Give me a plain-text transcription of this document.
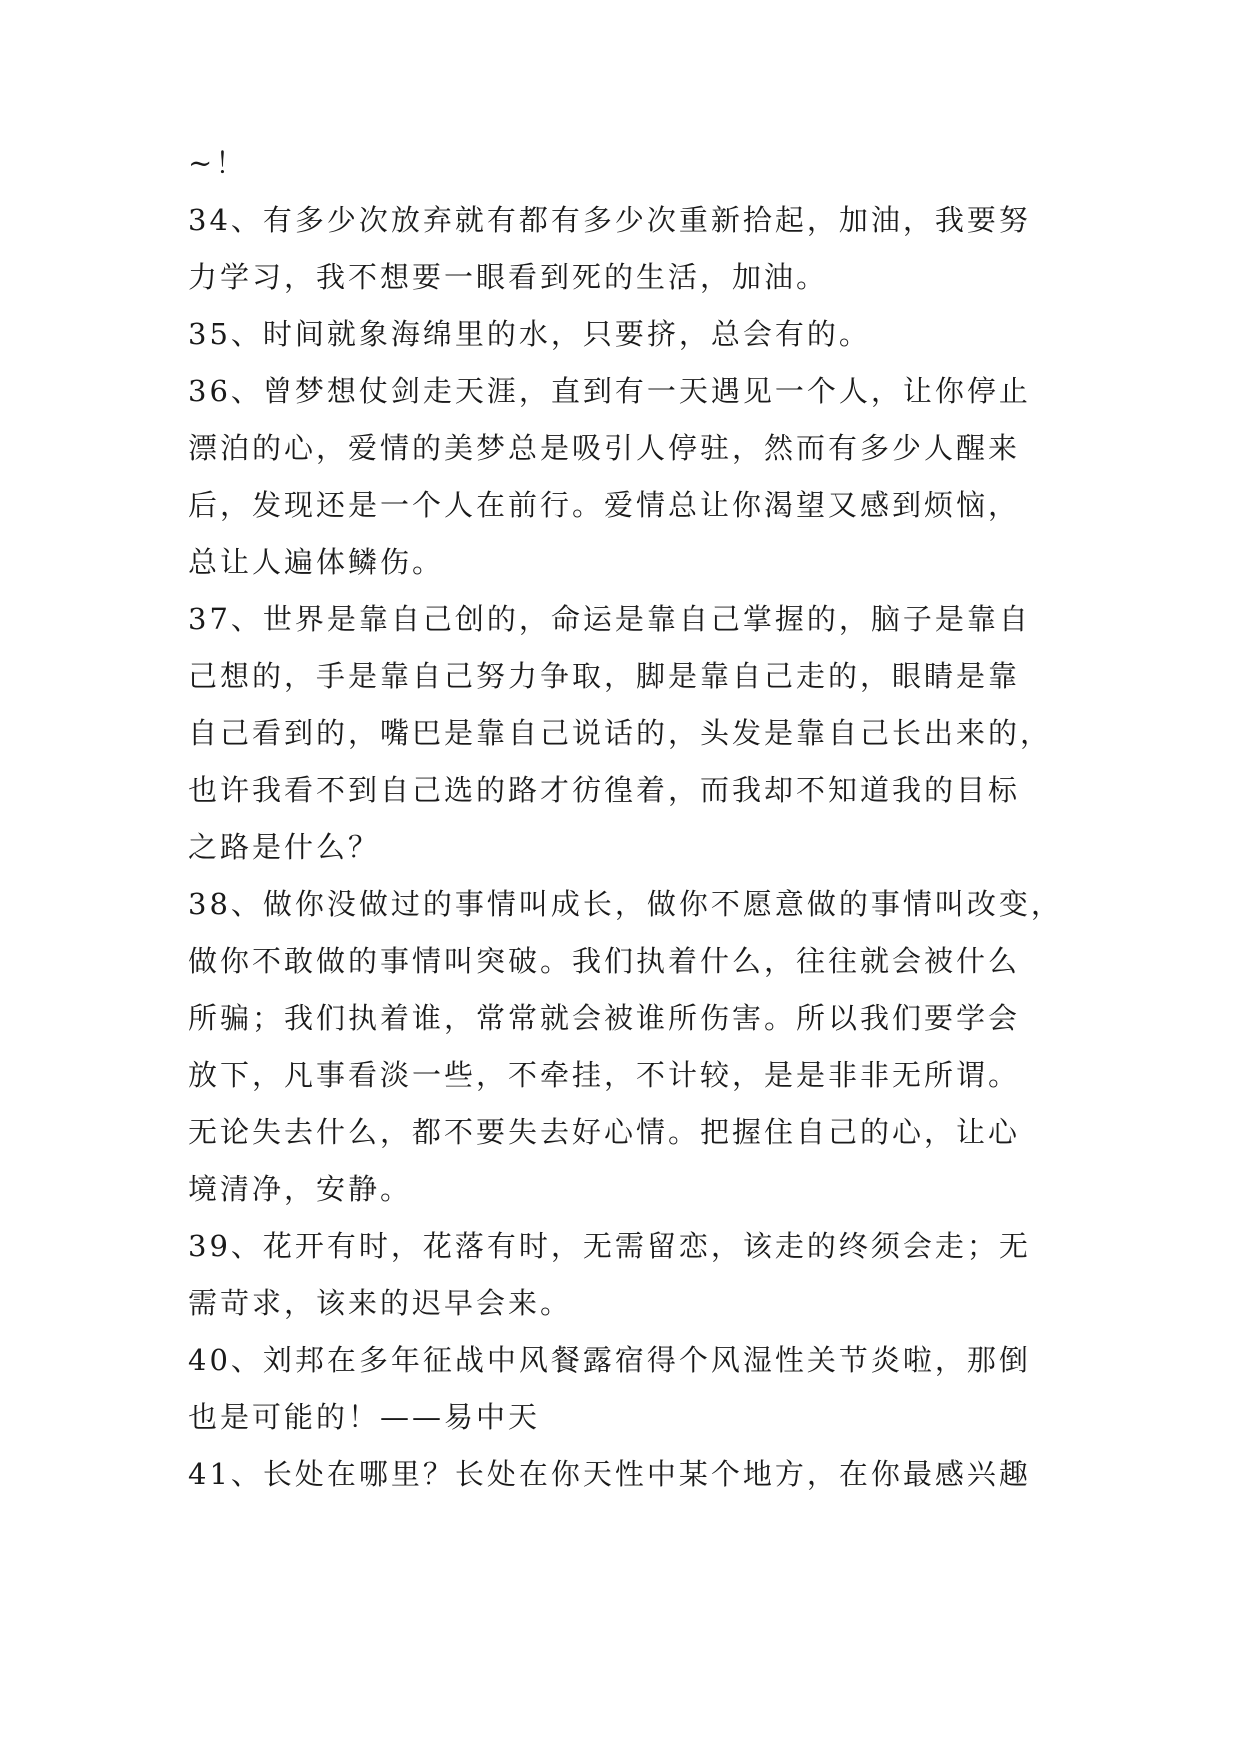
~！
34、有多少次放弃就有都有多少次重新拾起，加油，我要努
力学习，我不想要一眼看到死的生活，加油。
35、时间就象海绵里的水，只要挤，总会有的。
36、曾梦想仗剑走天涯，直到有一天遇见一个人，让你停止
漂泊的心，爱情的美梦总是吸引人停驻，然而有多少人醒来
后，发现还是一个人在前行。爱情总让你渴望又感到烦恼，
总让人遍体鳞伤。
37、世界是靠自己创的，命运是靠自己掌握的，脑子是靠自
己想的，手是靠自己努力争取，脚是靠自己走的，眼睛是靠
自己看到的，嘴巴是靠自己说话的，头发是靠自己长出来的，
也许我看不到自己选的路才彷徨着，而我却不知道我的目标
之路是什么？
38、做你没做过的事情叫成长，做你不愿意做的事情叫改变，
做你不敢做的事情叫突破。我们执着什么，往往就会被什么
所骗；我们执着谁，常常就会被谁所伤害。所以我们要学会
放下，凡事看淡一些，不牵挂，不计较，是是非非无所谓。
无论失去什么，都不要失去好心情。把握住自己的心，让心
境清净，安静。
39、花开有时，花落有时，无需留恋，该走的终须会走；无
需苛求，该来的迟早会来。
40、刘邦在多年征战中风餐露宿得个风湿性关节炎啦，那倒
也是可能的！——易中天
41、长处在哪里？长处在你天性中某个地方，在你最感兴趣
